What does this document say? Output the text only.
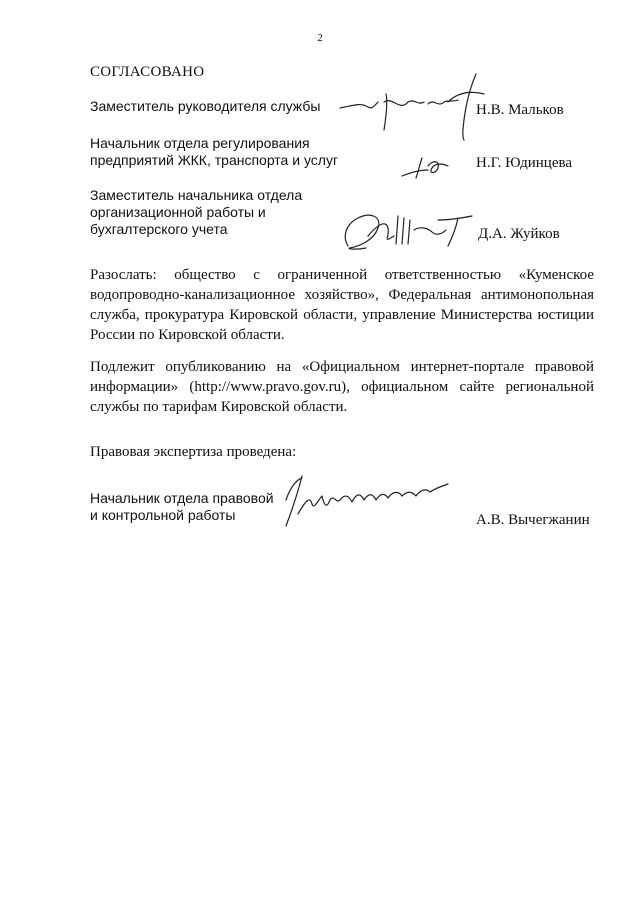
2
СОГЛАСОВАНО
Заместитель руководителя службы	Н.В. Мальков
Начальник отдела регулирования
предприятий ЖКК, транспорта и услуг	Н.Г. Юдинцева
Заместитель начальника отдела
организационной работы и
бухгалтерского учета	Д.А. Жуйков
Разослать: общество с ограниченной ответственностью «Куменское водопроводно-канализационное хозяйство», Федеральная антимонопольная служба, прокуратура Кировской области, управление Министерства юстиции России по Кировской области.
Подлежит опубликованию на «Официальном интернет-портале правовой информации» (http://www.pravo.gov.ru), официальном сайте региональной службы по тарифам Кировской области.
Правовая экспертиза проведена:
Начальник отдела правовой
и контрольной работы	А.В. Вычегжанин
